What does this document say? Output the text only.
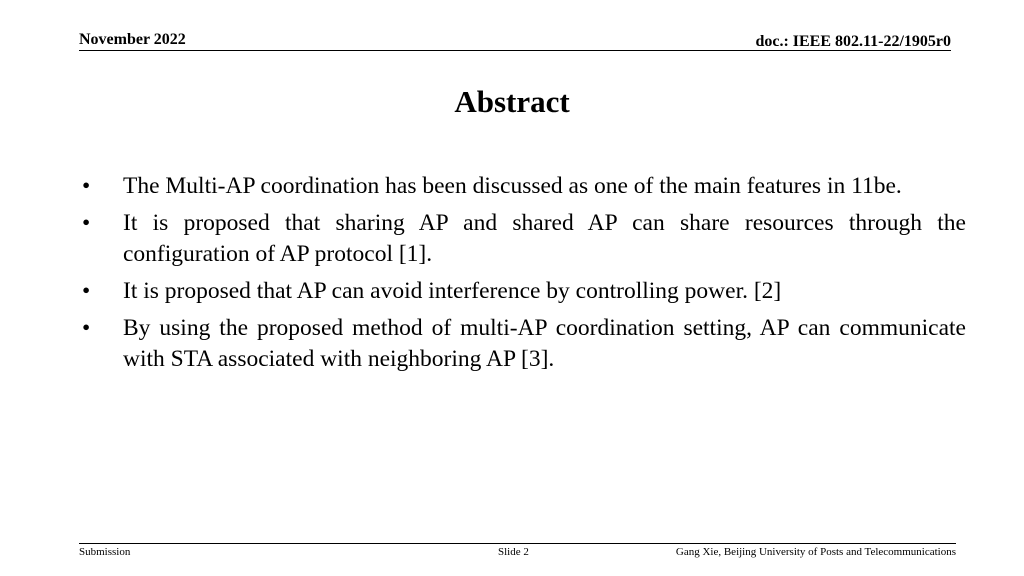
November 2022	doc.: IEEE 802.11-22/1905r0
Abstract
•	The Multi-AP coordination has been discussed as one of the main features in 11be.
•	It is proposed that sharing AP and shared AP can share resources through the configuration of AP protocol [1].
•	It is proposed that AP can avoid interference by controlling power. [2]
•	By using the proposed method of multi-AP coordination setting, AP can communicate with STA associated with neighboring AP [3].
Submission	Slide 2	Gang Xie, Beijing University of Posts and Telecommunications
